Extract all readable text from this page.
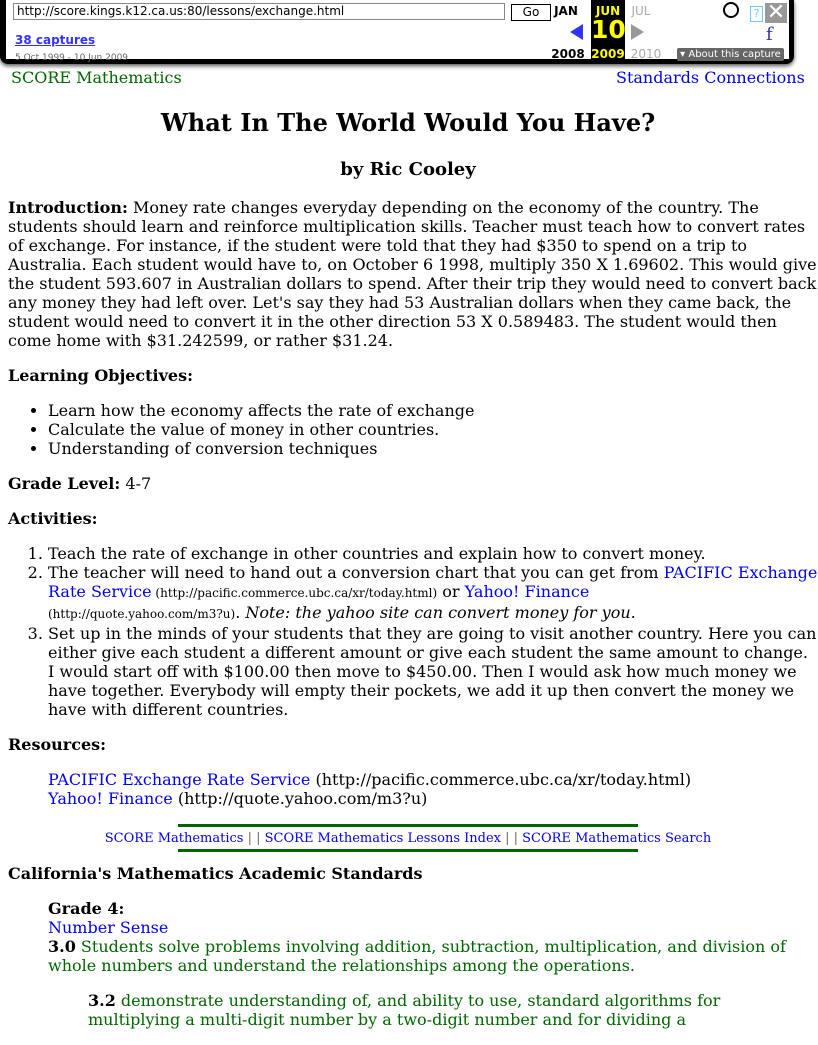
http://score.kings.k12.ca.us:80/lessons/exchange.html	Go
38 captures
5 Oct 1999 - 10 Jun 2009
JAN	JUN JUL
10
2008 2009 2010
? ✕
f
▾ About this capture
SCORE Mathematics	Standards Connections
What In The World Would You Have?
by Ric Cooley

Introduction: Money rate changes everyday depending on the economy of the country. The students should learn and reinforce multiplication skills. Teacher must teach how to convert rates of exchange. For instance, if the student were told that they had $350 to spend on a trip to Australia. Each student would have to, on October 6 1998, multiply 350 X 1.69602. This would give the student 593.607 in Australian dollars to spend. After their trip they would need to convert back any money they had left over. Let's say they had 53 Australian dollars when they came back, the student would need to convert it in the other direction 53 X 0.589483. The student would then come home with $31.242599, or rather $31.24.

Learning Objectives:

• Learn how the economy affects the rate of exchange
• Calculate the value of money in other countries.
• Understanding of conversion techniques

Grade Level: 4-7

Activities:

1. Teach the rate of exchange in other countries and explain how to convert money.
2. The teacher will need to hand out a conversion chart that you can get from PACIFIC Exchange Rate Service (http://pacific.commerce.ubc.ca/xr/today.html) or Yahoo! Finance
(http://quote.yahoo.com/m3?u). Note: the yahoo site can convert money for you.
3. Set up in the minds of your students that they are going to visit another country. Here you can either give each student a different amount or give each student the same amount to change. I would start off with $100.00 then move to $450.00. Then I would ask how much money we have together. Everybody will empty their pockets, we add it up then convert the money we have with different countries.

Resources:

PACIFIC Exchange Rate Service (http://pacific.commerce.ubc.ca/xr/today.html)
Yahoo! Finance (http://quote.yahoo.com/m3?u)
SCORE Mathematics | | SCORE Mathematics Lessons Index | | SCORE Mathematics Search

California's Mathematics Academic Standards

Grade 4:
Number Sense
3.0 Students solve problems involving addition, subtraction, multiplication, and division of whole numbers and understand the relationships among the operations.
3.2 demonstrate understanding of, and ability to use, standard algorithms for multiplying a multi-digit number by a two-digit number and for dividing a
